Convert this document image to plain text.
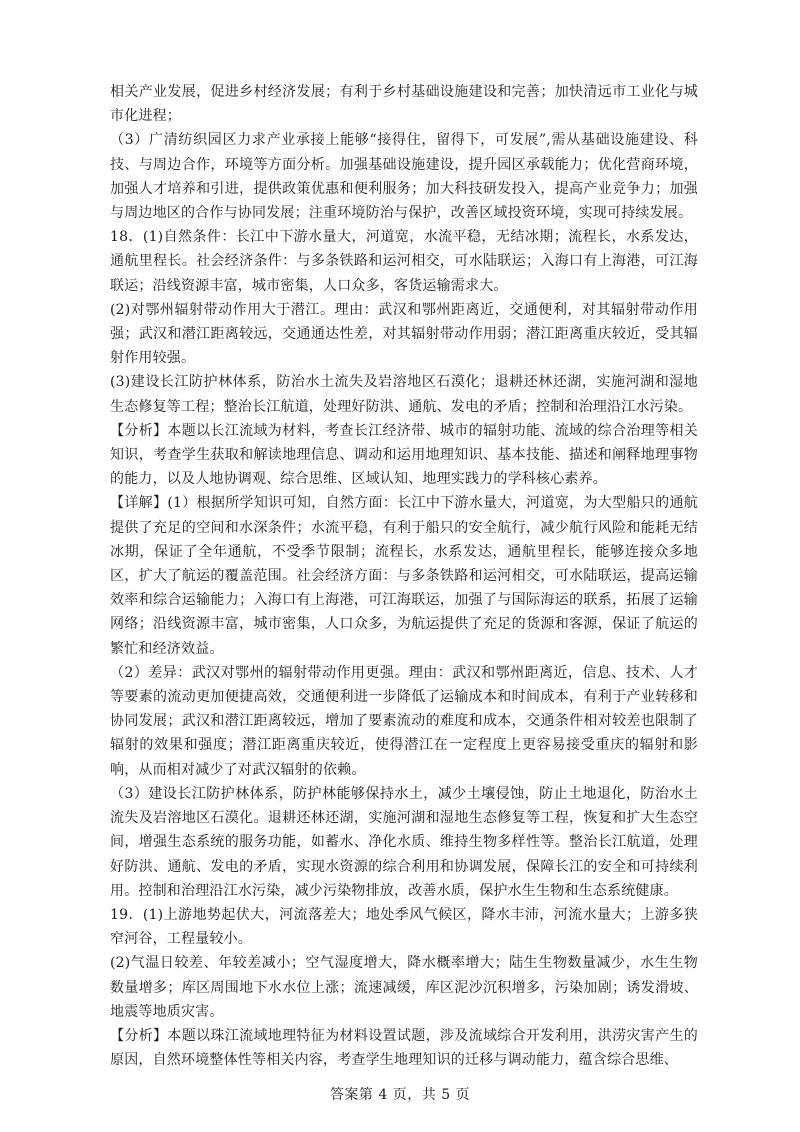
相关产业发展，促进乡村经济发展；有利于乡村基础设施建设和完善；加快清远市工业化与城市化进程；

（3）广清纺织园区力求产业承接上能够“接得住，留得下，可发展”,需从基础设施建设、科技、与周边合作，环境等方面分析。加强基础设施建设，提升园区承载能力；优化营商环境，加强人才培养和引进，提供政策优惠和便利服务；加大科技研发投入，提高产业竞争力；加强与周边地区的合作与协同发展；注重环境防治与保护，改善区域投资环境，实现可持续发展。

18．(1)自然条件：长江中下游水量大，河道宽，水流平稳，无结冰期；流程长，水系发达，通航里程长。社会经济条件：与多条铁路和运河相交，可水陆联运；入海口有上海港，可江海联运；沿线资源丰富，城市密集，人口众多，客货运输需求大。

(2)对鄂州辐射带动作用大于潜江。理由：武汉和鄂州距离近，交通便利，对其辐射带动作用强；武汉和潜江距离较远，交通通达性差，对其辐射带动作用弱；潜江距离重庆较近，受其辐射作用较强。

(3)建设长江防护林体系，防治水土流失及岩溶地区石漠化；退耕还林还湖，实施河湖和湿地生态修复等工程；整治长江航道，处理好防洪、通航、发电的矛盾；控制和治理沿江水污染。

【分析】本题以长江流域为材料，考查长江经济带、城市的辐射功能、流域的综合治理等相关知识，考查学生获取和解读地理信息、调动和运用地理知识、基本技能、描述和阐释地理事物的能力，以及人地协调观、综合思维、区域认知、地理实践力的学科核心素养。

【详解】(1）根据所学知识可知，自然方面：长江中下游水量大，河道宽，为大型船只的通航提供了充足的空间和水深条件；水流平稳，有利于船只的安全航行，减少航行风险和能耗无结冰期，保证了全年通航，不受季节限制；流程长，水系发达，通航里程长，能够连接众多地区，扩大了航运的覆盖范围。社会经济方面：与多条铁路和运河相交，可水陆联运，提高运输效率和综合运输能力；入海口有上海港，可江海联运，加强了与国际海运的联系，拓展了运输网络；沿线资源丰富，城市密集，人口众多，为航运提供了充足的货源和客源，保证了航运的繁忙和经济效益。

（2）差异：武汉对鄂州的辐射带动作用更强。理由：武汉和鄂州距离近，信息、技术、人才等要素的流动更加便捷高效，交通便利进一步降低了运输成本和时间成本，有利于产业转移和协同发展；武汉和潜江距离较远，增加了要素流动的难度和成本，交通条件相对较差也限制了辐射的效果和强度；潜江距离重庆较近，使得潜江在一定程度上更容易接受重庆的辐射和影响，从而相对减少了对武汉辐射的依赖。

（3）建设长江防护林体系，防护林能够保持水土，减少土壤侵蚀，防止土地退化，防治水土流失及岩溶地区石漠化。退耕还林还湖，实施河湖和湿地生态修复等工程，恢复和扩大生态空间，增强生态系统的服务功能，如蓄水、净化水质、维持生物多样性等。整治长江航道，处理好防洪、通航、发电的矛盾，实现水资源的综合利用和协调发展，保障长江的安全和可持续利用。控制和治理沿江水污染，减少污染物排放，改善水质，保护水生生物和生态系统健康。

19．(1)上游地势起伏大，河流落差大；地处季风气候区，降水丰沛，河流水量大；上游多狭窄河谷，工程量较小。

(2)气温日较差、年较差减小；空气湿度增大，降水概率增大；陆生生物数量减少，水生生物数量增多；库区周围地下水水位上涨；流速减缓，库区泥沙沉积增多，污染加剧；诱发滑坡、地震等地质灾害。

【分析】本题以珠江流域地理特征为材料设置试题，涉及流域综合开发利用，洪涝灾害产生的原因，自然环境整体性等相关内容，考查学生地理知识的迁移与调动能力，蕴含综合思维、

答案第 4 页，共 5 页
